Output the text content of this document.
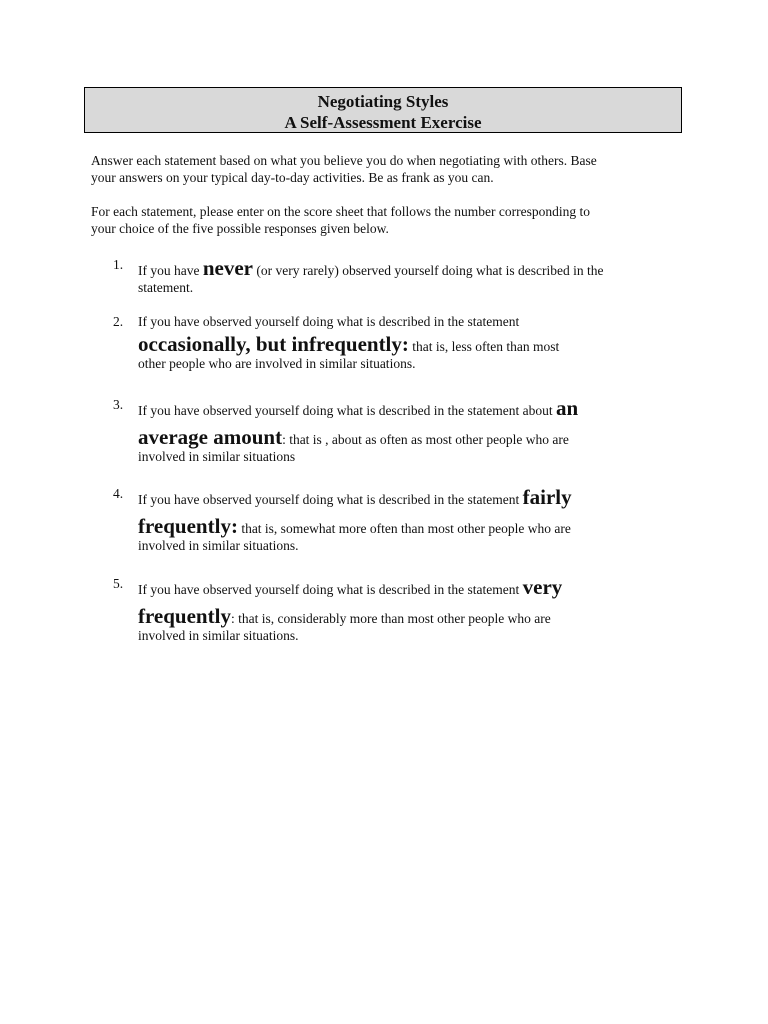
Negotiating Styles
A Self-Assessment Exercise
Answer each statement based on what you believe you do when negotiating with others. Base
your answers on your typical day-to-day activities. Be as frank as you can.
For each statement, please enter on the score sheet that follows the number corresponding to
your choice of the five possible responses given below.
1. If you have never (or very rarely) observed yourself doing what is described in the
statement.
2. If you have observed yourself doing what is described in the statement
occasionally, but infrequently: that is, less often than most
other people who are involved in similar situations.
3. If you have observed yourself doing what is described in the statement about an
average amount: that is , about as often as most other people who are
involved in similar situations
4. If you have observed yourself doing what is described in the statement fairly
frequently: that is, somewhat more often than most other people who are
involved in similar situations.
5. If you have observed yourself doing what is described in the statement very
frequently: that is, considerably more than most other people who are
involved in similar situations.
